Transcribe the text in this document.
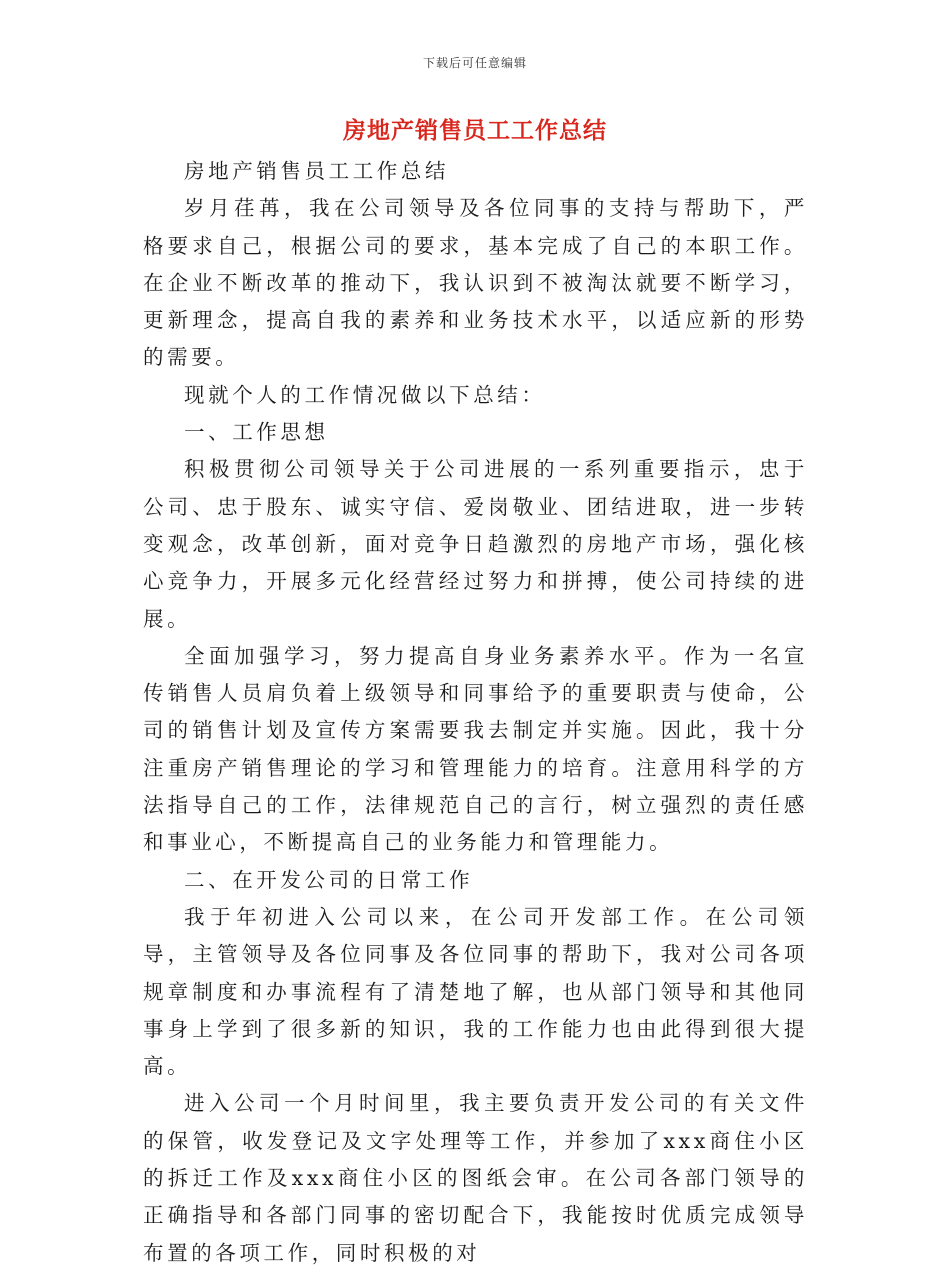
下载后可任意编辑
房地产销售员工工作总结

房地产销售员工工作总结

岁月荏苒，我在公司领导及各位同事的支持与帮助下，严格要求自己，根据公司的要求，基本完成了自己的本职工作。在企业不断改革的推动下，我认识到不被淘汰就要不断学习，更新理念，提高自我的素养和业务技术水平，以适应新的形势的需要。

现就个人的工作情况做以下总结：

一、工作思想

积极贯彻公司领导关于公司进展的一系列重要指示，忠于公司、忠于股东、诚实守信、爱岗敬业、团结进取，进一步转变观念，改革创新，面对竞争日趋激烈的房地产市场，强化核心竞争力，开展多元化经营经过努力和拼搏，使公司持续的进展。

全面加强学习，努力提高自身业务素养水平。作为一名宣传销售人员肩负着上级领导和同事给予的重要职责与使命，公司的销售计划及宣传方案需要我去制定并实施。因此，我十分注重房产销售理论的学习和管理能力的培育。注意用科学的方法指导自己的工作，法律规范自己的言行，树立强烈的责任感和事业心，不断提高自己的业务能力和管理能力。

二、在开发公司的日常工作

我于年初进入公司以来，在公司开发部工作。在公司领导，主管领导及各位同事及各位同事的帮助下，我对公司各项规章制度和办事流程有了清楚地了解，也从部门领导和其他同事身上学到了很多新的知识，我的工作能力也由此得到很大提高。

进入公司一个月时间里，我主要负责开发公司的有关文件的保管，收发登记及文字处理等工作，并参加了xxx商住小区的拆迁工作及xxx商住小区的图纸会审。在公司各部门领导的正确指导和各部门同事的密切配合下，我能按时优质完成领导布置的各项工作，同时积极的对
